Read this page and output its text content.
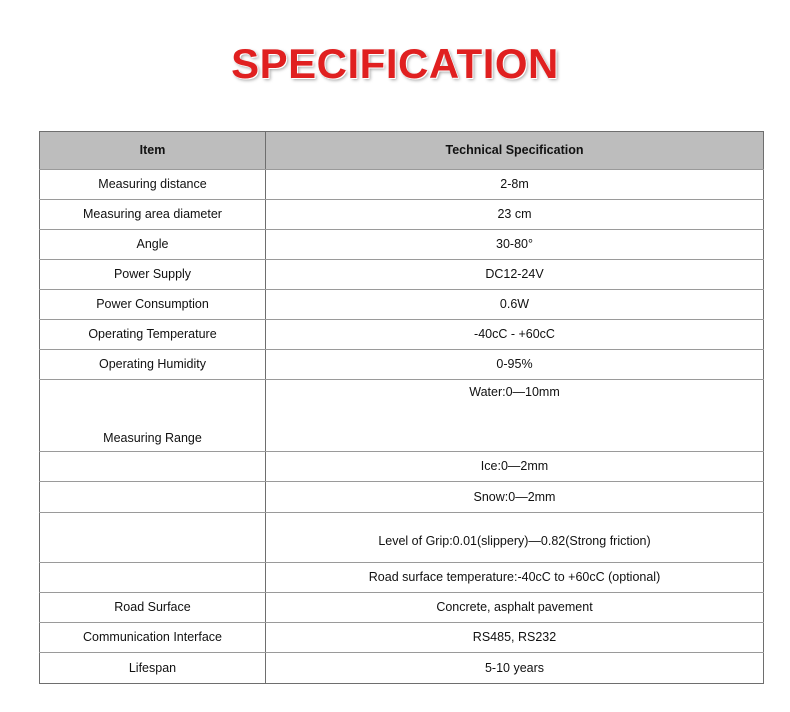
SPECIFICATION
Item	Technical Specification
Measuring distance	2-8m
Measuring area diameter	23 cm
Angle	30-80°
Power Supply	DC12-24V
Power Consumption	0.6W
Operating Temperature	-40cC - +60cC
Operating Humidity	0-95%
Measuring Range	Water:0—10mm
	Ice:0—2mm
	Snow:0—2mm
	Level of Grip:0.01(slippery)—0.82(Strong friction)
	Road surface temperature:-40cC to +60cC (optional)
Road Surface	Concrete, asphalt pavement
Communication Interface	RS485, RS232
Lifespan	5-10 years
